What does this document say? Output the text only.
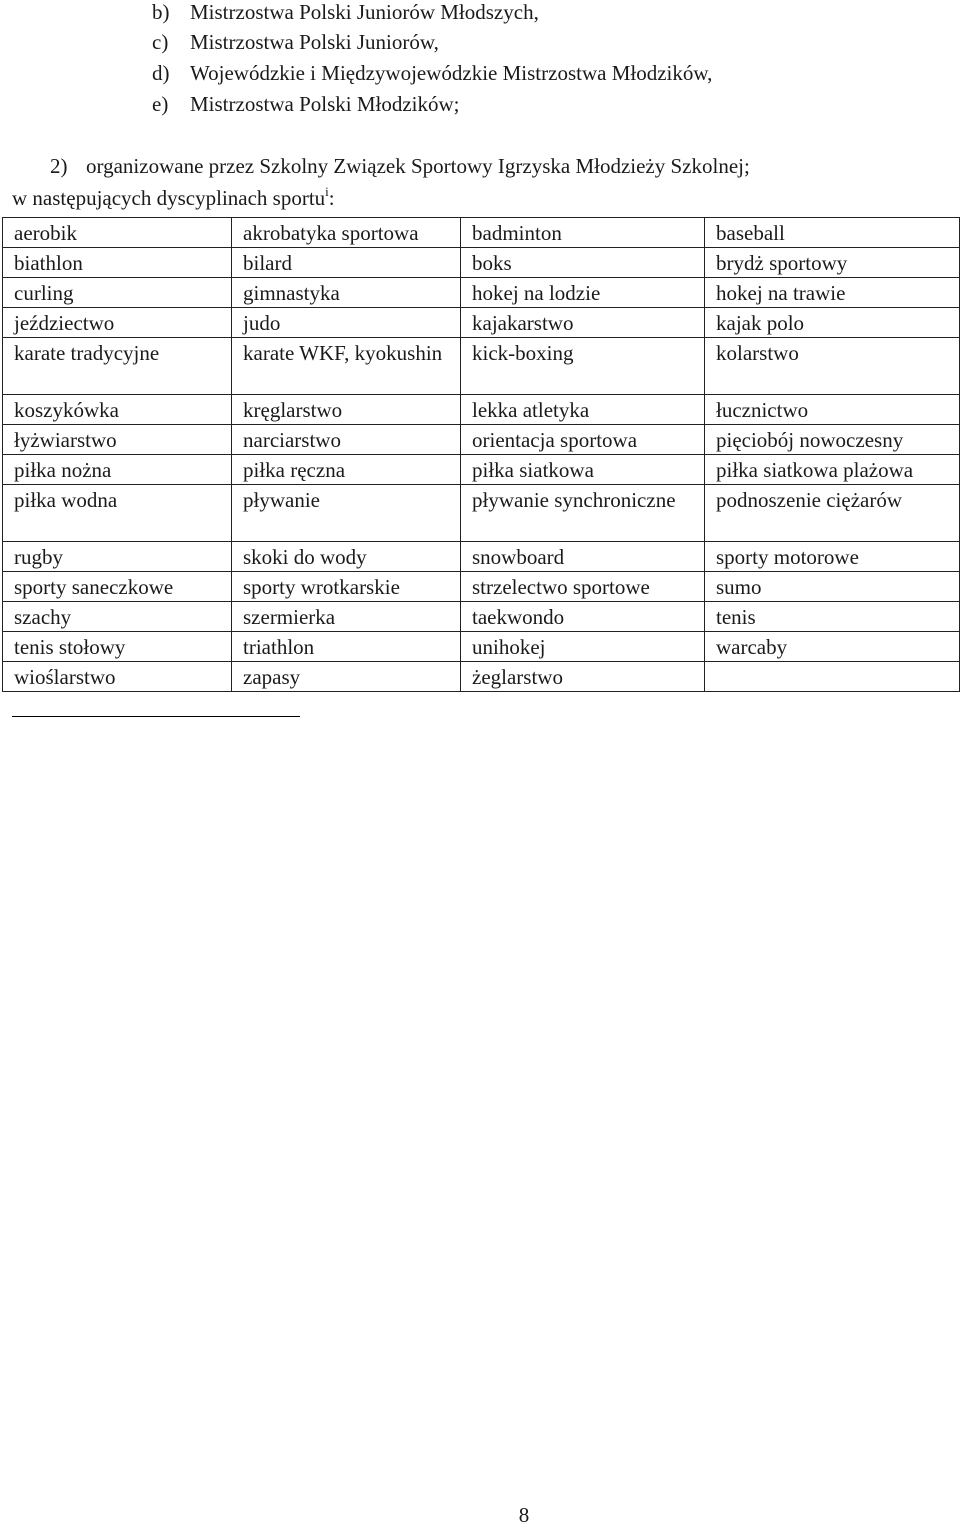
b) Mistrzostwa Polski Juniorów Młodszych,
c) Mistrzostwa Polski Juniorów,
d) Wojewódzkie i Międzywojewódzkie Mistrzostwa Młodzików,
e) Mistrzostwa Polski Młodzików;
2) organizowane przez Szkolny Związek Sportowy Igrzyska Młodzieży Szkolnej;
w następujących dyscyplinach sportu$^i$:
aerobik	akrobatyka sportowa	badminton	baseball
biathlon	bilard	boks	brydż sportowy
curling	gimnastyka	hokej na lodzie	hokej na trawie
jeździectwo	judo	kajakarstwo	kajak polo
karate tradycyjne	karate WKF, kyokushin	kick-boxing	kolarstwo
koszykówka	kręglarstwo	lekka atletyka	łucznictwo
łyżwiarstwo	narciarstwo	orientacja sportowa	pięciobój nowoczesny
piłka nożna	piłka ręczna	piłka siatkowa	piłka siatkowa plażowa
piłka wodna	pływanie	pływanie synchroniczne	podnoszenie ciężarów
rugby	skoki do wody	snowboard	sporty motorowe
sporty saneczkowe	sporty wrotkarskie	strzelectwo sportowe	sumo
szachy	szermierka	taekwondo	tenis
tenis stołowy	triathlon	unihokej	warcaby
wioślarstwo	zapasy	żeglarstwo	
8
